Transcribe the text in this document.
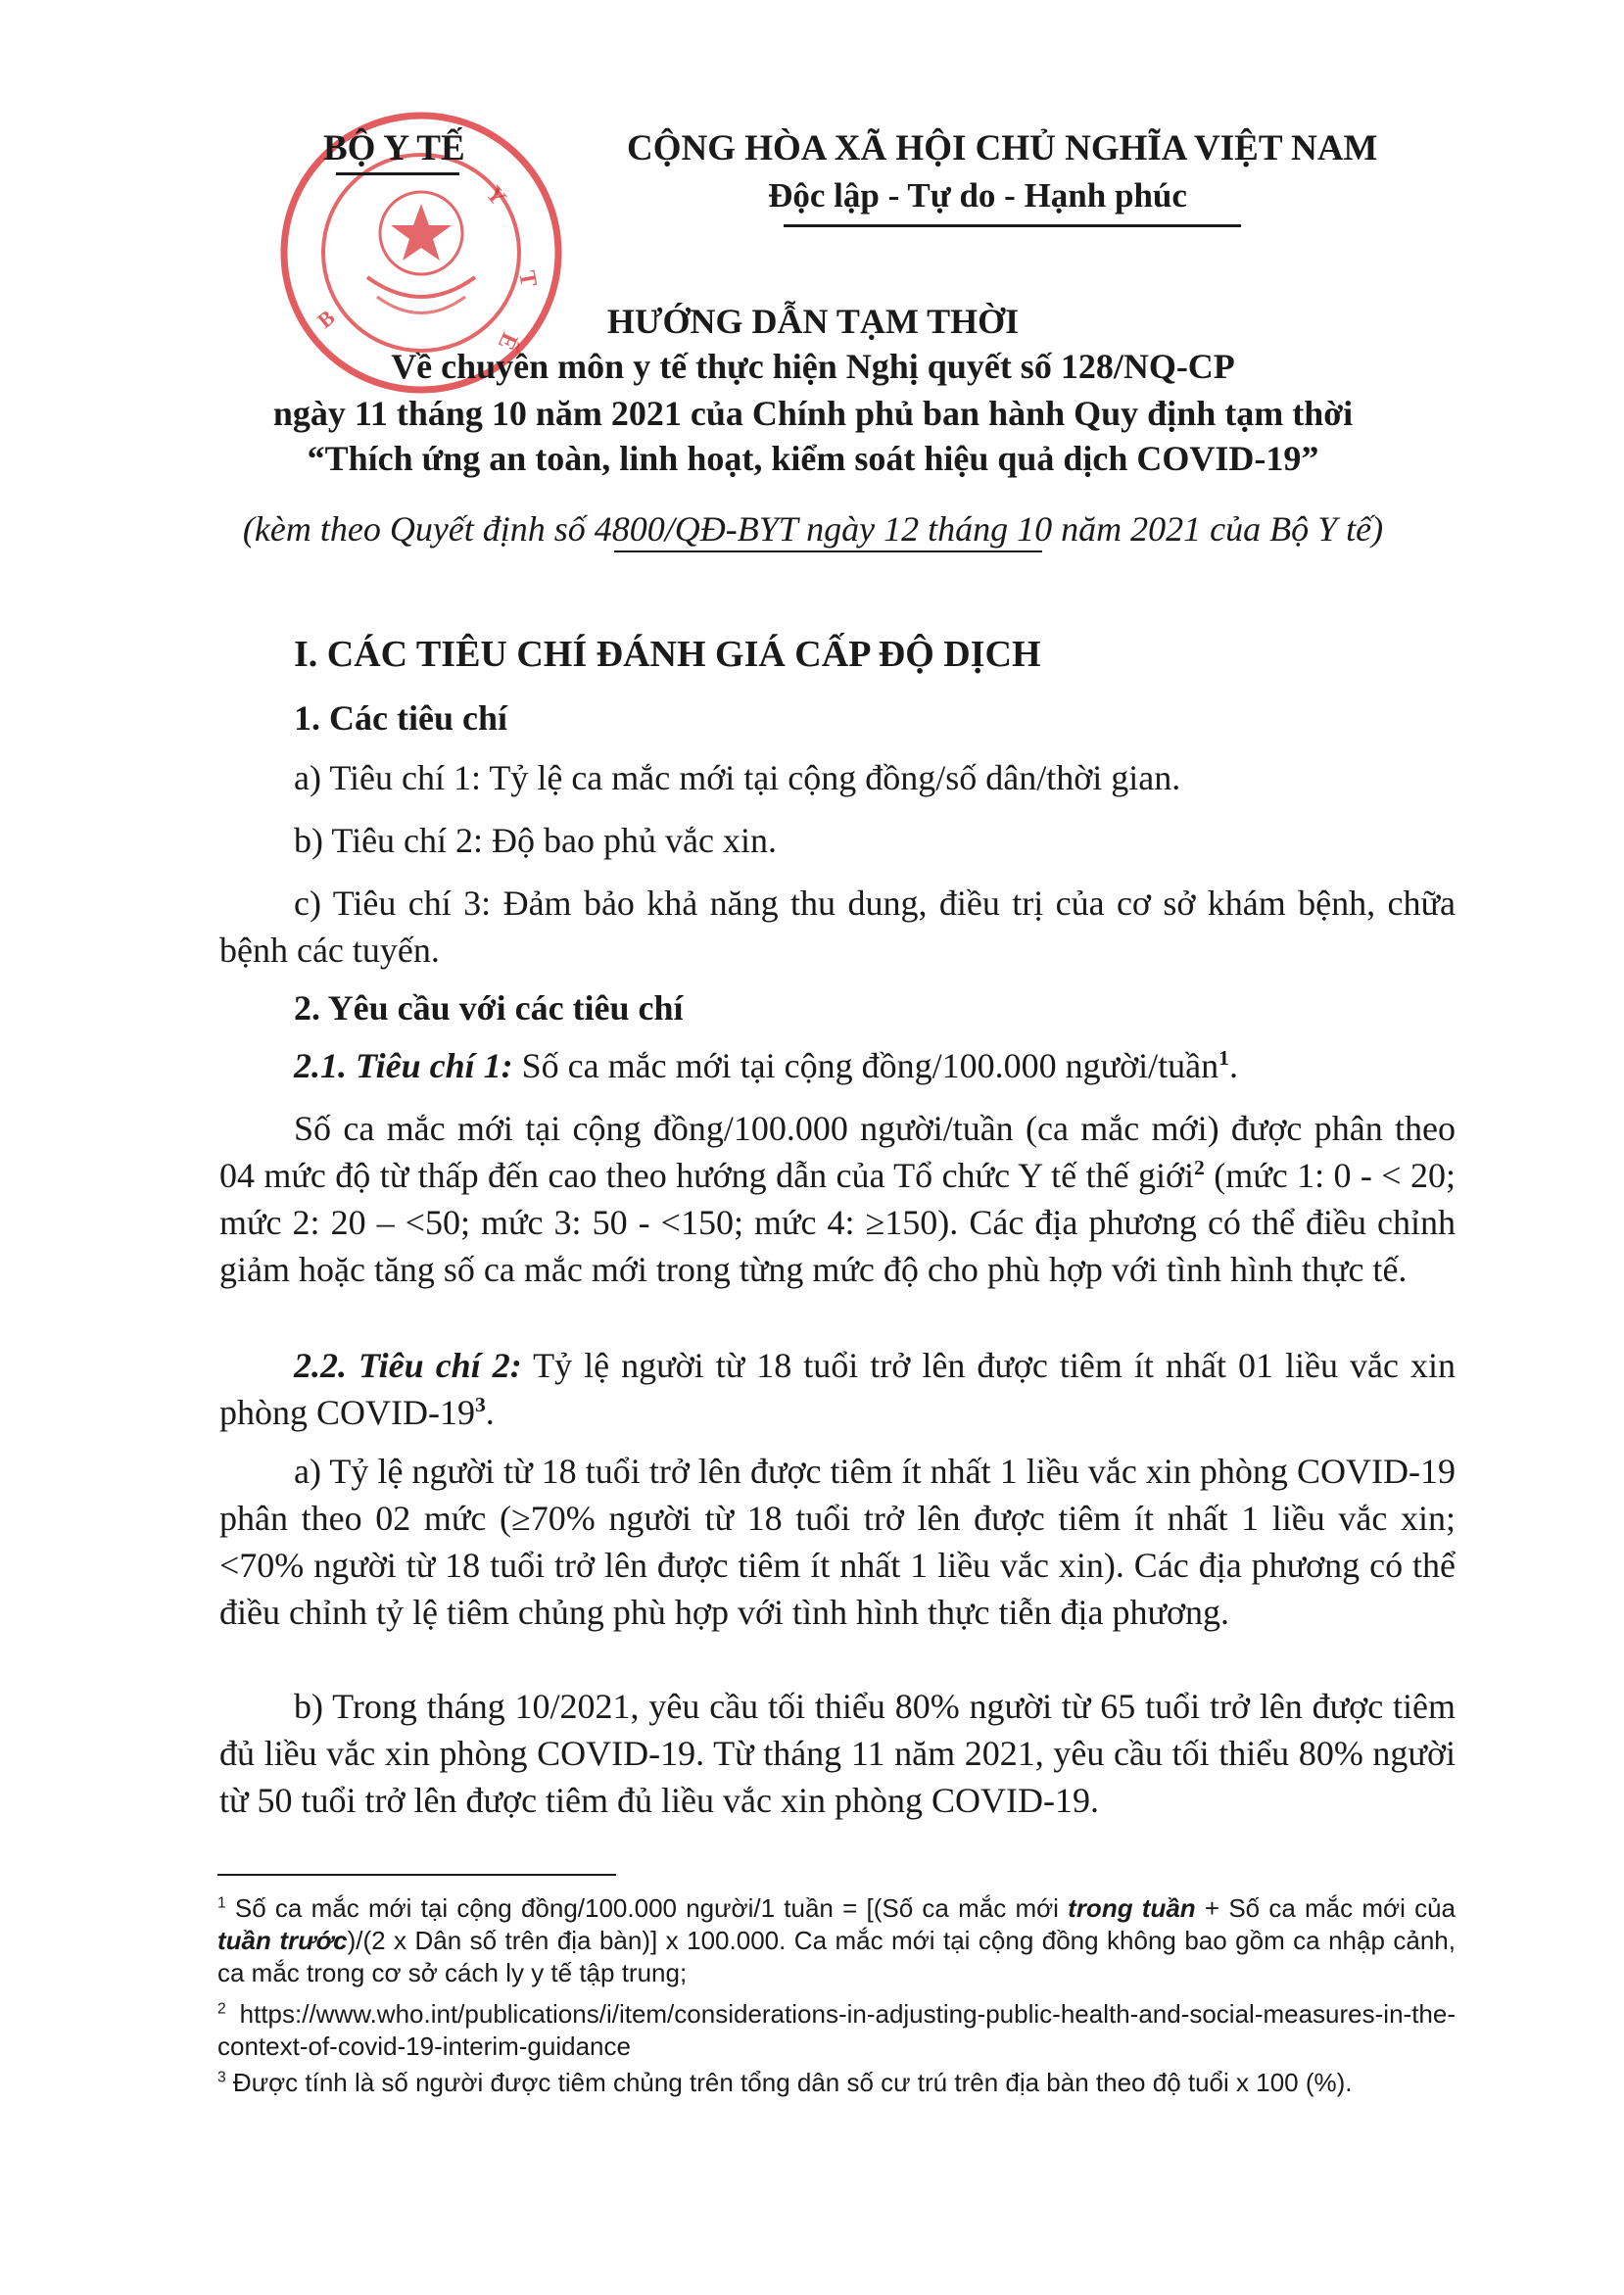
Y
T
Ế
B
BỘ Y TẾ	CỘNG HÒA XÃ HỘI CHỦ NGHĨA VIỆT NAM
Độc lập - Tự do - Hạnh phúc
HƯỚNG DẪN TẠM THỜI
Về chuyên môn y tế thực hiện Nghị quyết số 128/NQ-CP
ngày 11 tháng 10 năm 2021 của Chính phủ ban hành Quy định tạm thời
“Thích ứng an toàn, linh hoạt, kiểm soát hiệu quả dịch COVID-19”
(kèm theo Quyết định số 4800/QĐ-BYT ngày 12 tháng 10 năm 2021 của Bộ Y tế)
I. CÁC TIÊU CHÍ ĐÁNH GIÁ CẤP ĐỘ DỊCH
1. Các tiêu chí
a) Tiêu chí 1: Tỷ lệ ca mắc mới tại cộng đồng/số dân/thời gian.
b) Tiêu chí 2: Độ bao phủ vắc xin.
c) Tiêu chí 3: Đảm bảo khả năng thu dung, điều trị của cơ sở khám bệnh, chữa bệnh các tuyến.
2. Yêu cầu với các tiêu chí
2.1. Tiêu chí 1: Số ca mắc mới tại cộng đồng/100.000 người/tuần$^1$.
Số ca mắc mới tại cộng đồng/100.000 người/tuần (ca mắc mới) được phân theo 04 mức độ từ thấp đến cao theo hướng dẫn của Tổ chức Y tế thế giới$^2$ (mức 1: 0 - < 20; mức 2: 20 – <50; mức 3: 50 - <150; mức 4: ≥150). Các địa phương có thể điều chỉnh giảm hoặc tăng số ca mắc mới trong từng mức độ cho phù hợp với tình hình thực tế.
2.2. Tiêu chí 2: Tỷ lệ người từ 18 tuổi trở lên được tiêm ít nhất 01 liều vắc xin phòng COVID-$19^3$.
a) Tỷ lệ người từ 18 tuổi trở lên được tiêm ít nhất 1 liều vắc xin phòng COVID-19 phân theo 02 mức (≥70% người từ 18 tuổi trở lên được tiêm ít nhất 1 liều vắc xin; <70% người từ 18 tuổi trở lên được tiêm ít nhất 1 liều vắc xin). Các địa phương có thể điều chỉnh tỷ lệ tiêm chủng phù hợp với tình hình thực tiễn địa phương.
b) Trong tháng 10/2021, yêu cầu tối thiểu 80% người từ 65 tuổi trở lên được tiêm đủ liều vắc xin phòng COVID-19. Từ tháng 11 năm 2021, yêu cầu tối thiểu 80% người từ 50 tuổi trở lên được tiêm đủ liều vắc xin phòng COVID-19.
$^1$ Số ca mắc mới tại cộng đồng/100.000 người/1 tuần = [(Số ca mắc mới trong tuần + Số ca mắc mới của tuần trước)/(2 x Dân số trên địa bàn)] x 100.000. Ca mắc mới tại cộng đồng không bao gồm ca nhập cảnh, ca mắc trong cơ sở cách ly y tế tập trung;
$^2$ https://www.who.int/publications/i/item/considerations-in-adjusting-public-health-and-social-measures-in-the-context-of-covid-19-interim-guidance
$^3$ Được tính là số người được tiêm chủng trên tổng dân số cư trú trên địa bàn theo độ tuổi x 100 (%).
